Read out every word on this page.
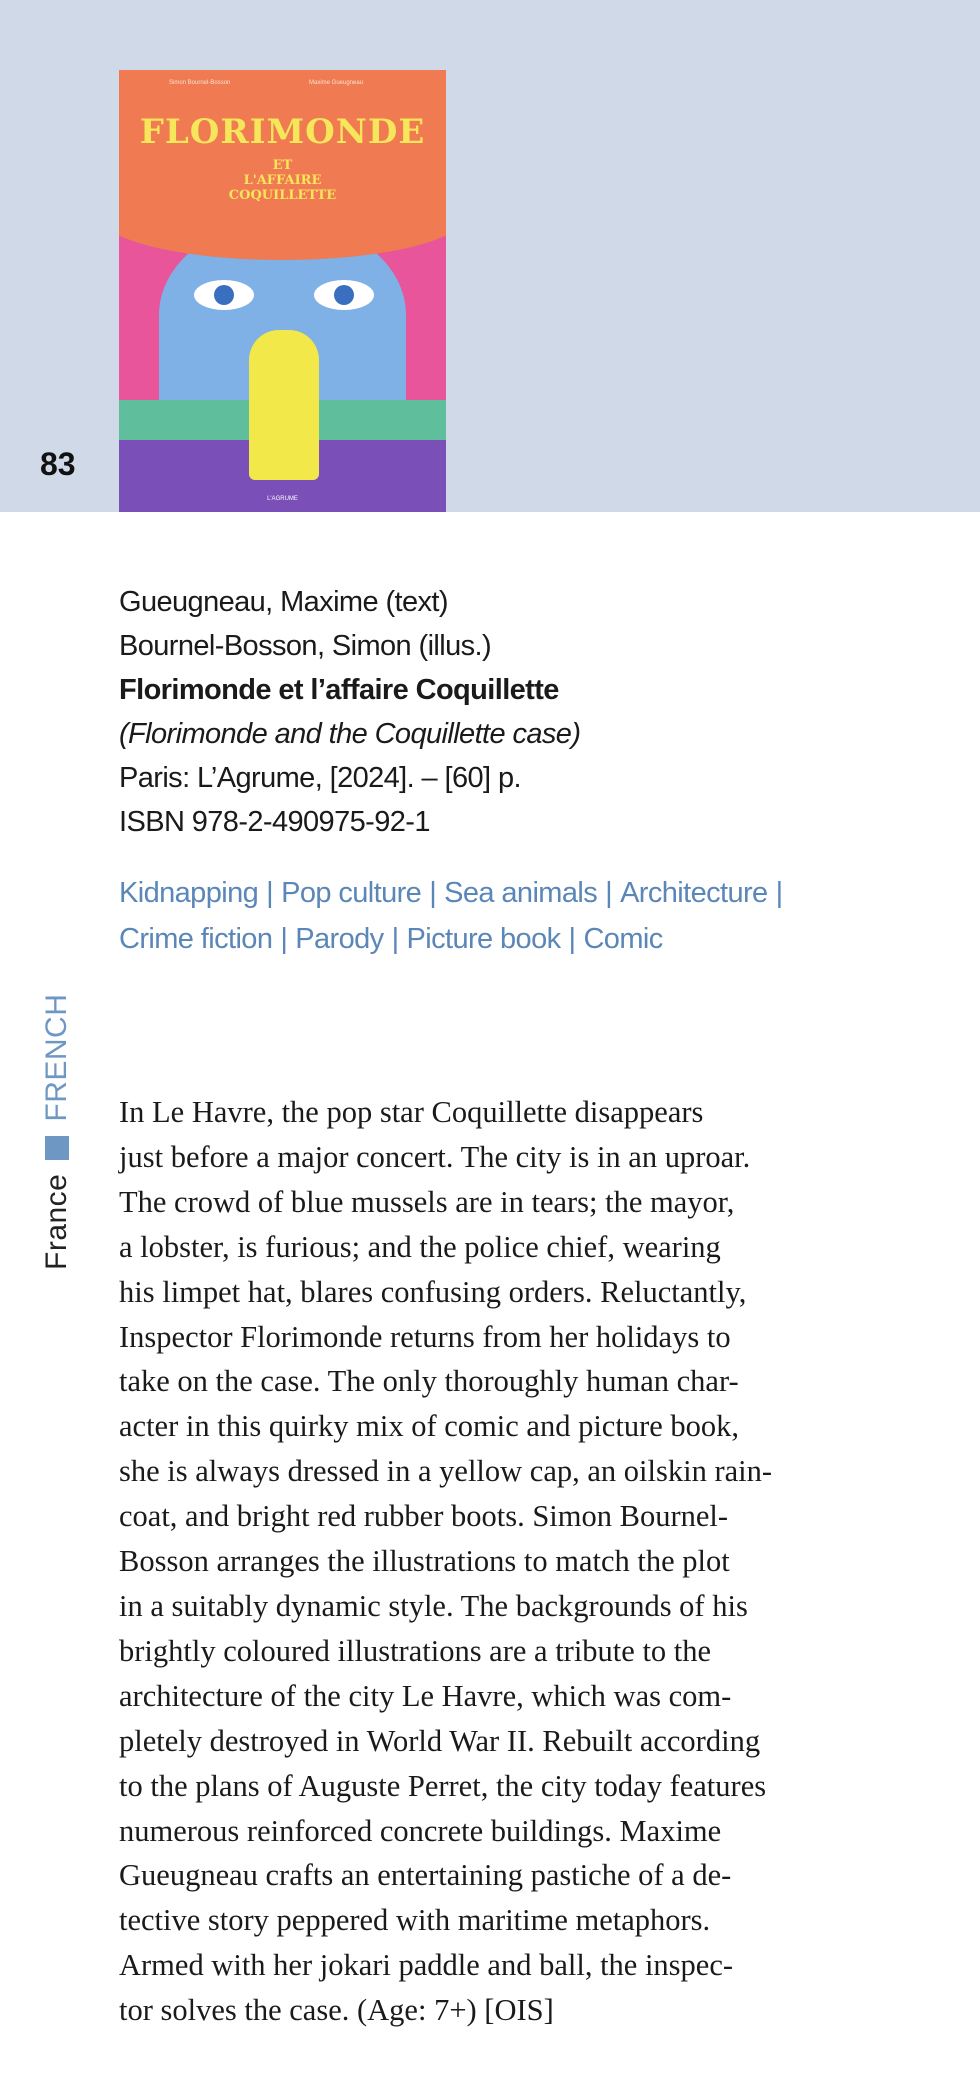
83
Simon Bournel-Bosson	Maxime Gueugneau
FLORIMONDE
ET
L'AFFAIRE
COQUILLETTE
L'AGRUME
Gueugneau, Maxime (text)
Bournel-Bosson, Simon (illus.)
Florimonde et l’affaire Coquillette
(Florimonde and the Coquillette case)
Paris: L’Agrume, [2024]. – [60] p.
ISBN 978-2-490975-92-1
Kidnapping | Pop culture | Sea animals | Architecture |
Crime fiction | Parody | Picture book | Comic
France
FRENCH In Le Havre, the pop star Coquillette disappears
just before a major concert. The city is in an uproar.
The crowd of blue mussels are in tears; the mayor,
a lobster, is furious; and the police chief, wearing
his limpet hat, blares confusing orders. Reluctantly,
Inspector Florimonde returns from her holidays to
take on the case. The only thoroughly human char-
acter in this quirky mix of comic and picture book,
she is always dressed in a yellow cap, an oilskin rain-
coat, and bright red rubber boots. Simon Bournel-
Bosson arranges the illustrations to match the plot
in a suitably dynamic style. The backgrounds of his
brightly coloured illustrations are a tribute to the
architecture of the city Le Havre, which was com-
pletely destroyed in World War II. Rebuilt according
to the plans of Auguste Perret, the city today features
numerous reinforced concrete buildings. Maxime
Gueugneau crafts an entertaining pastiche of a de-
tective story peppered with maritime metaphors.
Armed with her jokari paddle and ball, the inspec-
tor solves the case. (Age: 7+) [OIS]
